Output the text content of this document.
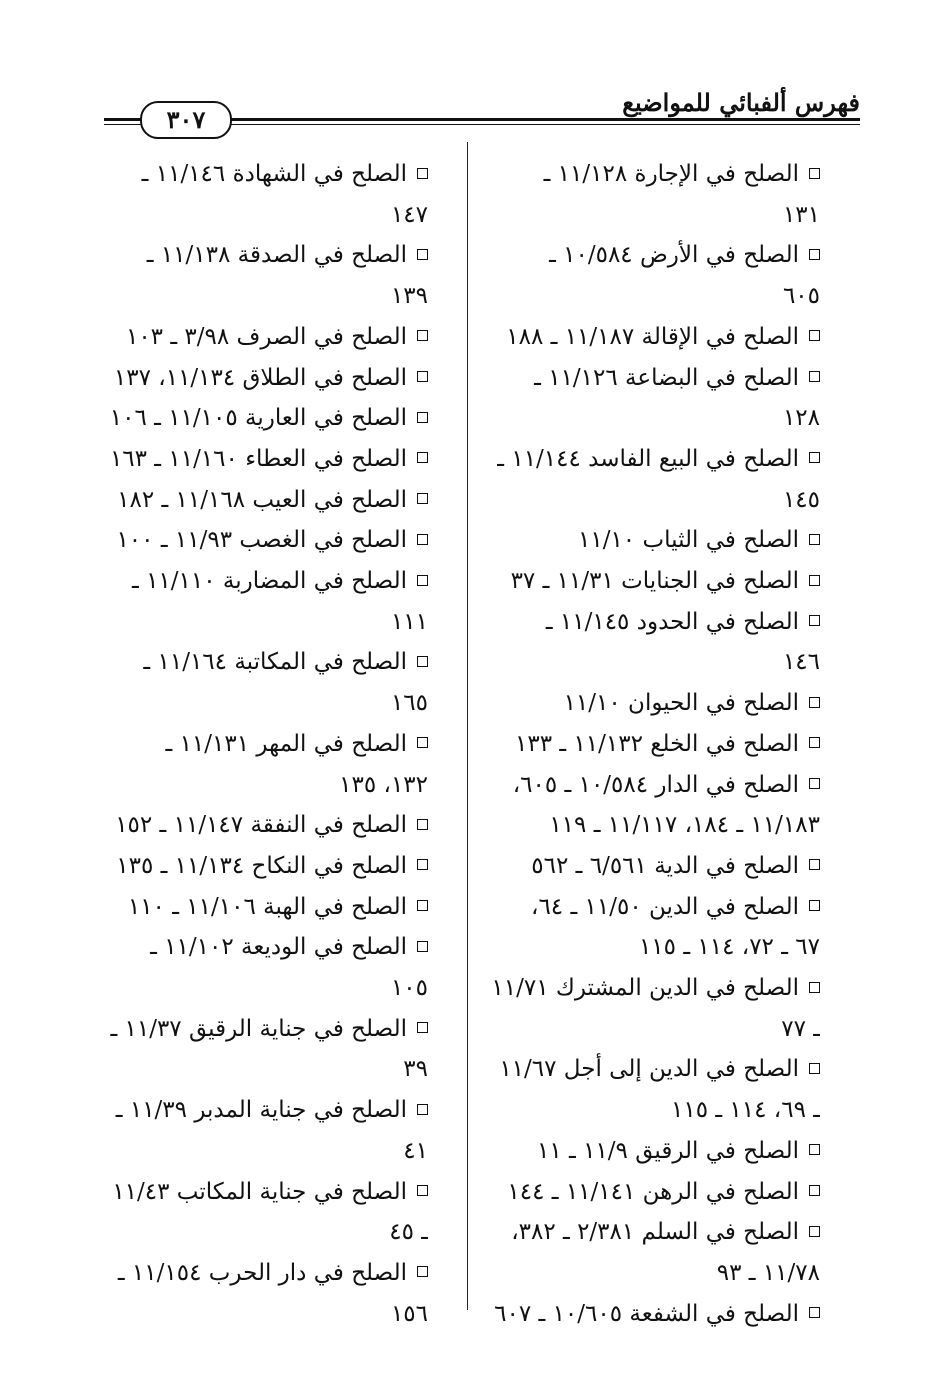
فهرس ألفبائي للمواضيع
٣٠٧
الصلح في الإجارة ١١/١٢٨ ـ
١٣١
الصلح في الأرض ١٠/٥٨٤ ـ
٦٠٥
الصلح في الإقالة ١١/١٨٧ ـ ١٨٨
الصلح في البضاعة ١١/١٢٦ ـ
١٢٨
الصلح في البيع الفاسد ١١/١٤٤ ـ
١٤٥
الصلح في الثياب ١١/١٠
الصلح في الجنايات ١١/٣١ ـ ٣٧
الصلح في الحدود ١١/١٤٥ ـ
١٤٦
الصلح في الحيوان ١١/١٠
الصلح في الخلع ١١/١٣٢ ـ ١٣٣
الصلح في الدار ١٠/٥٨٤ ـ ٦٠٥،
١١/١٨٣ ـ ١٨٤، ١١/١١٧ ـ ١١٩
الصلح في الدية ٦/٥٦١ ـ ٥٦٢
الصلح في الدين ١١/٥٠ ـ ٦٤،
٦٧ ـ ٧٢، ١١٤ ـ ١١٥
الصلح في الدين المشترك ١١/٧١
ـ ٧٧
الصلح في الدين إلى أجل ١١/٦٧
ـ ٦٩، ١١٤ ـ ١١٥
الصلح في الرقيق ١١/٩ ـ ١١
الصلح في الرهن ١١/١٤١ ـ ١٤٤
الصلح في السلم ٢/٣٨١ ـ ٣٨٢،
١١/٧٨ ـ ٩٣
الصلح في الشفعة ١٠/٦٠٥ ـ ٦٠٧
الصلح في الشهادة ١١/١٤٦ ـ
١٤٧
الصلح في الصدقة ١١/١٣٨ ـ
١٣٩
الصلح في الصرف ٣/٩٨ ـ ١٠٣
الصلح في الطلاق ١١/١٣٤، ١٣٧
الصلح في العارية ١١/١٠٥ ـ ١٠٦
الصلح في العطاء ١١/١٦٠ ـ ١٦٣
الصلح في العيب ١١/١٦٨ ـ ١٨٢
الصلح في الغصب ١١/٩٣ ـ ١٠٠
الصلح في المضاربة ١١/١١٠ ـ
١١١
الصلح في المكاتبة ١١/١٦٤ ـ
١٦٥
الصلح في المهر ١١/١٣١ ـ
١٣٢، ١٣٥
الصلح في النفقة ١١/١٤٧ ـ ١٥٢
الصلح في النكاح ١١/١٣٤ ـ ١٣٥
الصلح في الهبة ١١/١٠٦ ـ ١١٠
الصلح في الوديعة ١١/١٠٢ ـ
١٠٥
الصلح في جناية الرقيق ١١/٣٧ ـ
٣٩
الصلح في جناية المدبر ١١/٣٩ ـ
٤١
الصلح في جناية المكاتب ١١/٤٣
ـ ٤٥
الصلح في دار الحرب ١١/١٥٤ ـ
١٥٦
